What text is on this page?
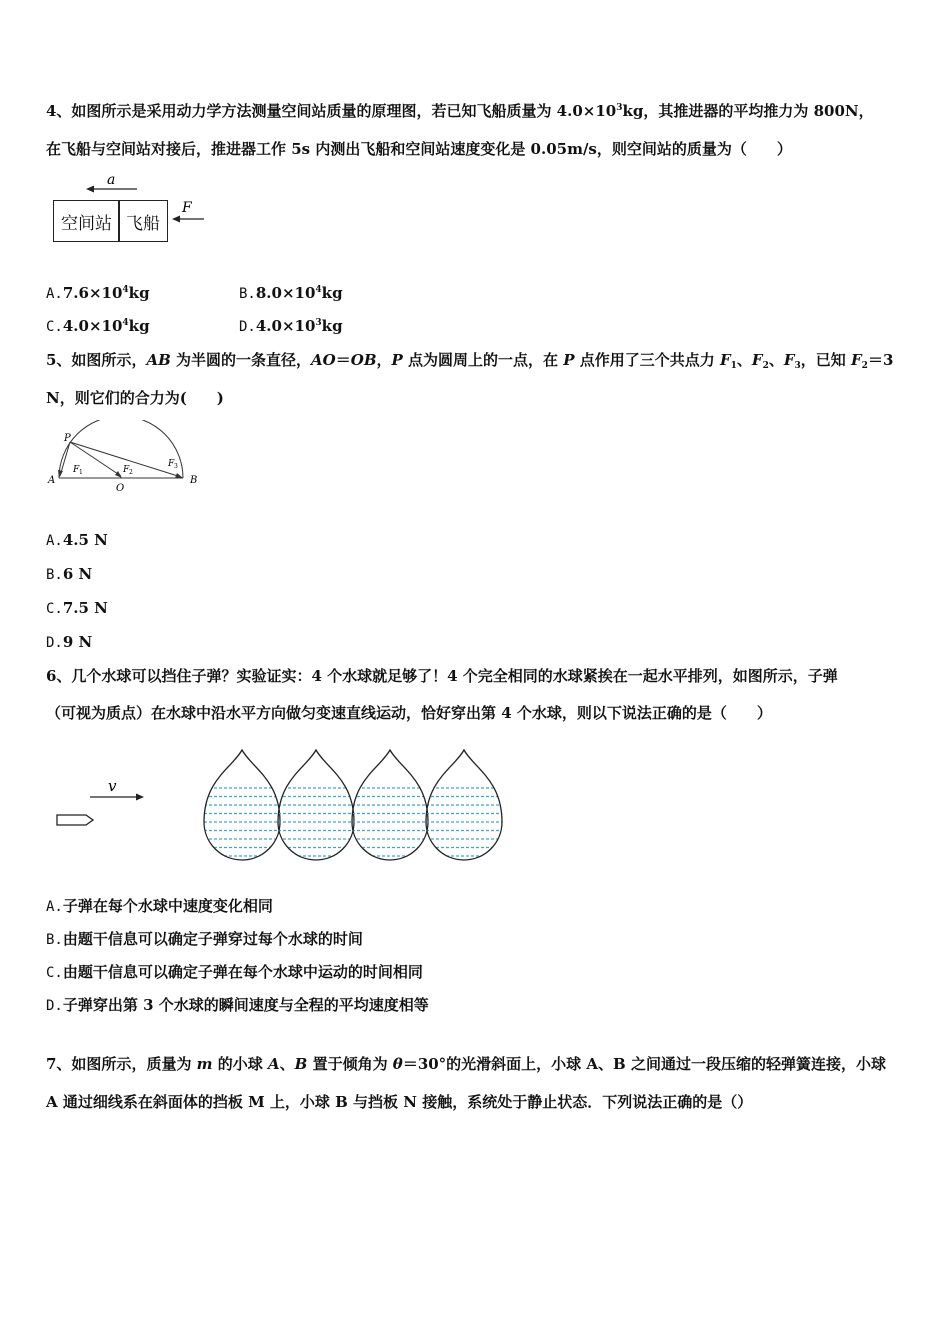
4、如图所示是采用动力学方法测量空间站质量的原理图，若已知飞船质量为 $4.0\times 10^3kg$，其推进器的平均推力为 800N，
在飞船与空间站对接后，推进器工作 5s 内测出飞船和空间站速度变化是 0.05m/s，则空间站的质量为（　　）
a
F
空间站 飞船
$A.7.6\times 10^4kg$	$B.8.0\times 10^4kg$
$C.4.0\times 10^4kg$	$D.4.0\times 10^3kg$
5、如图所示，AB 为半圆的一条直径，AO＝OB，P 点为圆周上的一点，在 P 点作用了三个共点力 $F_1$、$F_2$、$F_3$，已知 $F_2=3$
N，则它们的合力为(　　)
P
A
O
B
F 1	F 2
F 3
A.4.5 N
B.6 N
C.7.5 N
D.9 N
6、几个水球可以挡住子弹？实验证实：4 个水球就足够了！4 个完全相同的水球紧挨在一起水平排列，如图所示，子弹
（可视为质点）在水球中沿水平方向做匀变速直线运动，恰好穿出第 4 个水球，则以下说法正确的是（　　）
v
A.子弹在每个水球中速度变化相同
B.由题干信息可以确定子弹穿过每个水球的时间
C.由题干信息可以确定子弹在每个水球中运动的时间相同
D.子弹穿出第 3 个水球的瞬间速度与全程的平均速度相等
7、如图所示，质量为 m 的小球 A、B 置于倾角为 θ＝30°的光滑斜面上，小球 A、B 之间通过一段压缩的轻弹簧连接，小球
A 通过细线系在斜面体的挡板 M 上，小球 B 与挡板 N 接触，系统处于静止状态．下列说法正确的是（）
